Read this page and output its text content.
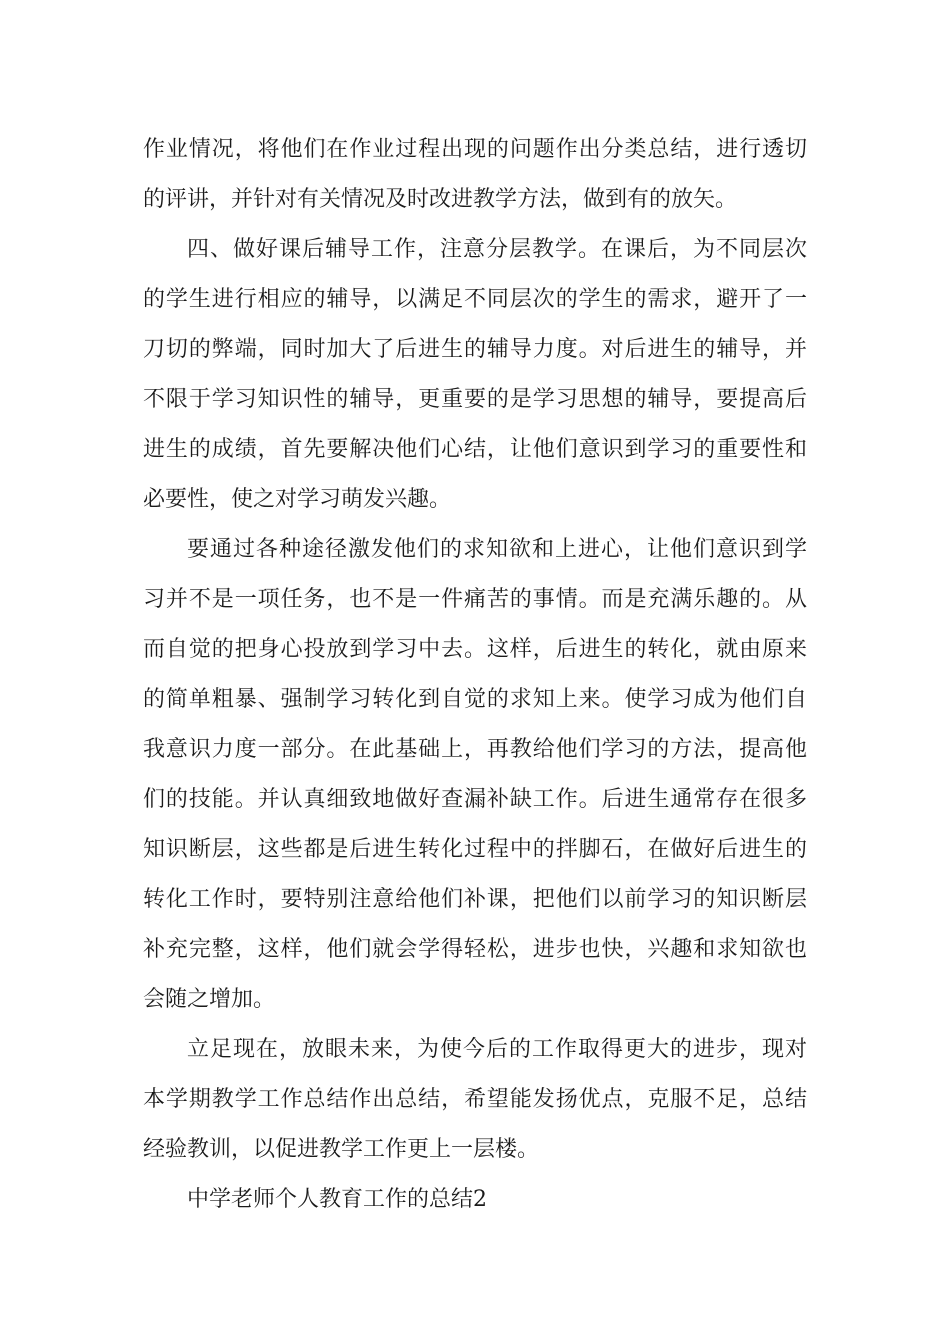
作业情况，将他们在作业过程出现的问题作出分类总结，进行透切
的评讲，并针对有关情况及时改进教学方法，做到有的放矢。
四、做好课后辅导工作，注意分层教学。在课后，为不同层次
的学生进行相应的辅导，以满足不同层次的学生的需求，避开了一
刀切的弊端，同时加大了后进生的辅导力度。对后进生的辅导，并
不限于学习知识性的辅导，更重要的是学习思想的辅导，要提高后
进生的成绩，首先要解决他们心结，让他们意识到学习的重要性和
必要性，使之对学习萌发兴趣。
要通过各种途径激发他们的求知欲和上进心，让他们意识到学
习并不是一项任务，也不是一件痛苦的事情。而是充满乐趣的。从
而自觉的把身心投放到学习中去。这样，后进生的转化，就由原来
的简单粗暴、强制学习转化到自觉的求知上来。使学习成为他们自
我意识力度一部分。在此基础上，再教给他们学习的方法，提高他
们的技能。并认真细致地做好查漏补缺工作。后进生通常存在很多
知识断层，这些都是后进生转化过程中的拌脚石，在做好后进生的
转化工作时，要特别注意给他们补课，把他们以前学习的知识断层
补充完整，这样，他们就会学得轻松，进步也快，兴趣和求知欲也
会随之增加。
立足现在，放眼未来，为使今后的工作取得更大的进步，现对
本学期教学工作总结作出总结，希望能发扬优点，克服不足，总结
经验教训，以促进教学工作更上一层楼。
中学老师个人教育工作的总结2
